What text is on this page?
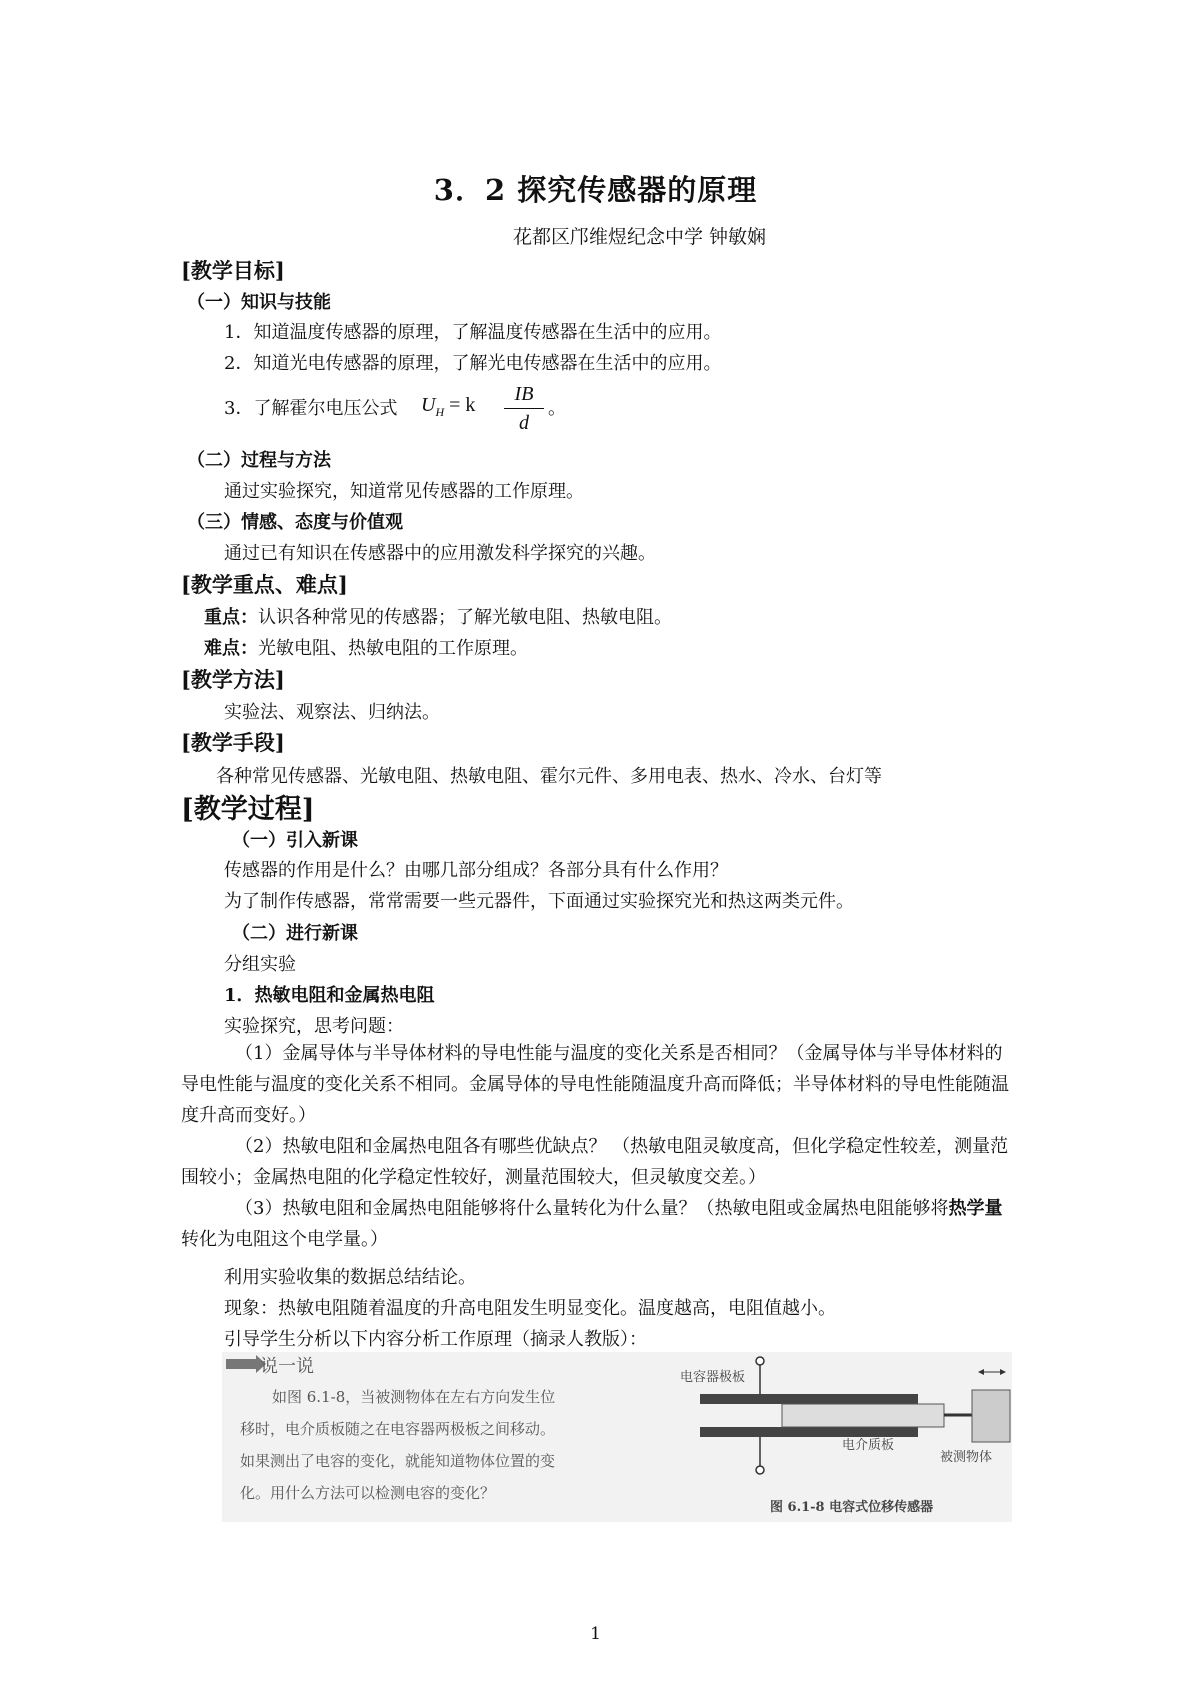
3．2 探究传感器的原理
花都区邝维煜纪念中学 钟敏娴
[教学目标]
（一）知识与技能
1．知道温度传感器的原理，了解温度传感器在生活中的应用。
2．知道光电传感器的原理，了解光电传感器在生活中的应用。
3．了解霍尔电压公式 $U_H = k$	IB
d
。
（二）过程与方法
通过实验探究，知道常见传感器的工作原理。
（三）情感、态度与价值观
通过已有知识在传感器中的应用激发科学探究的兴趣。
[教学重点、难点]
重点：认识各种常见的传感器；了解光敏电阻、热敏电阻。
难点：光敏电阻、热敏电阻的工作原理。
[教学方法]
实验法、观察法、归纳法。
[教学手段]
各种常见传感器、光敏电阻、热敏电阻、霍尔元件、多用电表、热水、冷水、台灯等
[教学过程]
（一）引入新课
传感器的作用是什么？由哪几部分组成？各部分具有什么作用？
为了制作传感器，常常需要一些元器件，下面通过实验探究光和热这两类元件。
（二）进行新课
分组实验
1．热敏电阻和金属热电阻
实验探究，思考问题：
（1）金属导体与半导体材料的导电性能与温度的变化关系是否相同？（金属导体与半导体材料的导电性能与温度的变化关系不相同。金属导体的导电性能随温度升高而降低；半导体材料的导电性能随温度升高而变好。）
（2）热敏电阻和金属热电阻各有哪些优缺点？ （热敏电阻灵敏度高，但化学稳定性较差，测量范围较小；金属热电阻的化学稳定性较好，测量范围较大，但灵敏度交差。）
（3）热敏电阻和金属热电阻能够将什么量转化为什么量？（热敏电阻或金属热电阻能够将热学量转化为电阻这个电学量。）
利用实验收集的数据总结结论。
现象：热敏电阻随着温度的升高电阻发生明显变化。温度越高，电阻值越小。
引导学生分析以下内容分析工作原理（摘录人教版）：
说一说
如图 6.1-8，当被测物体在左右方向发生位
移时，电介质板随之在电容器两极板之间移动。
如果测出了电容的变化，就能知道物体位置的变
化。用什么方法可以检测电容的变化？
电容器极板
电介质板
被测物体
图 6.1-8 电容式位移传感器
1
